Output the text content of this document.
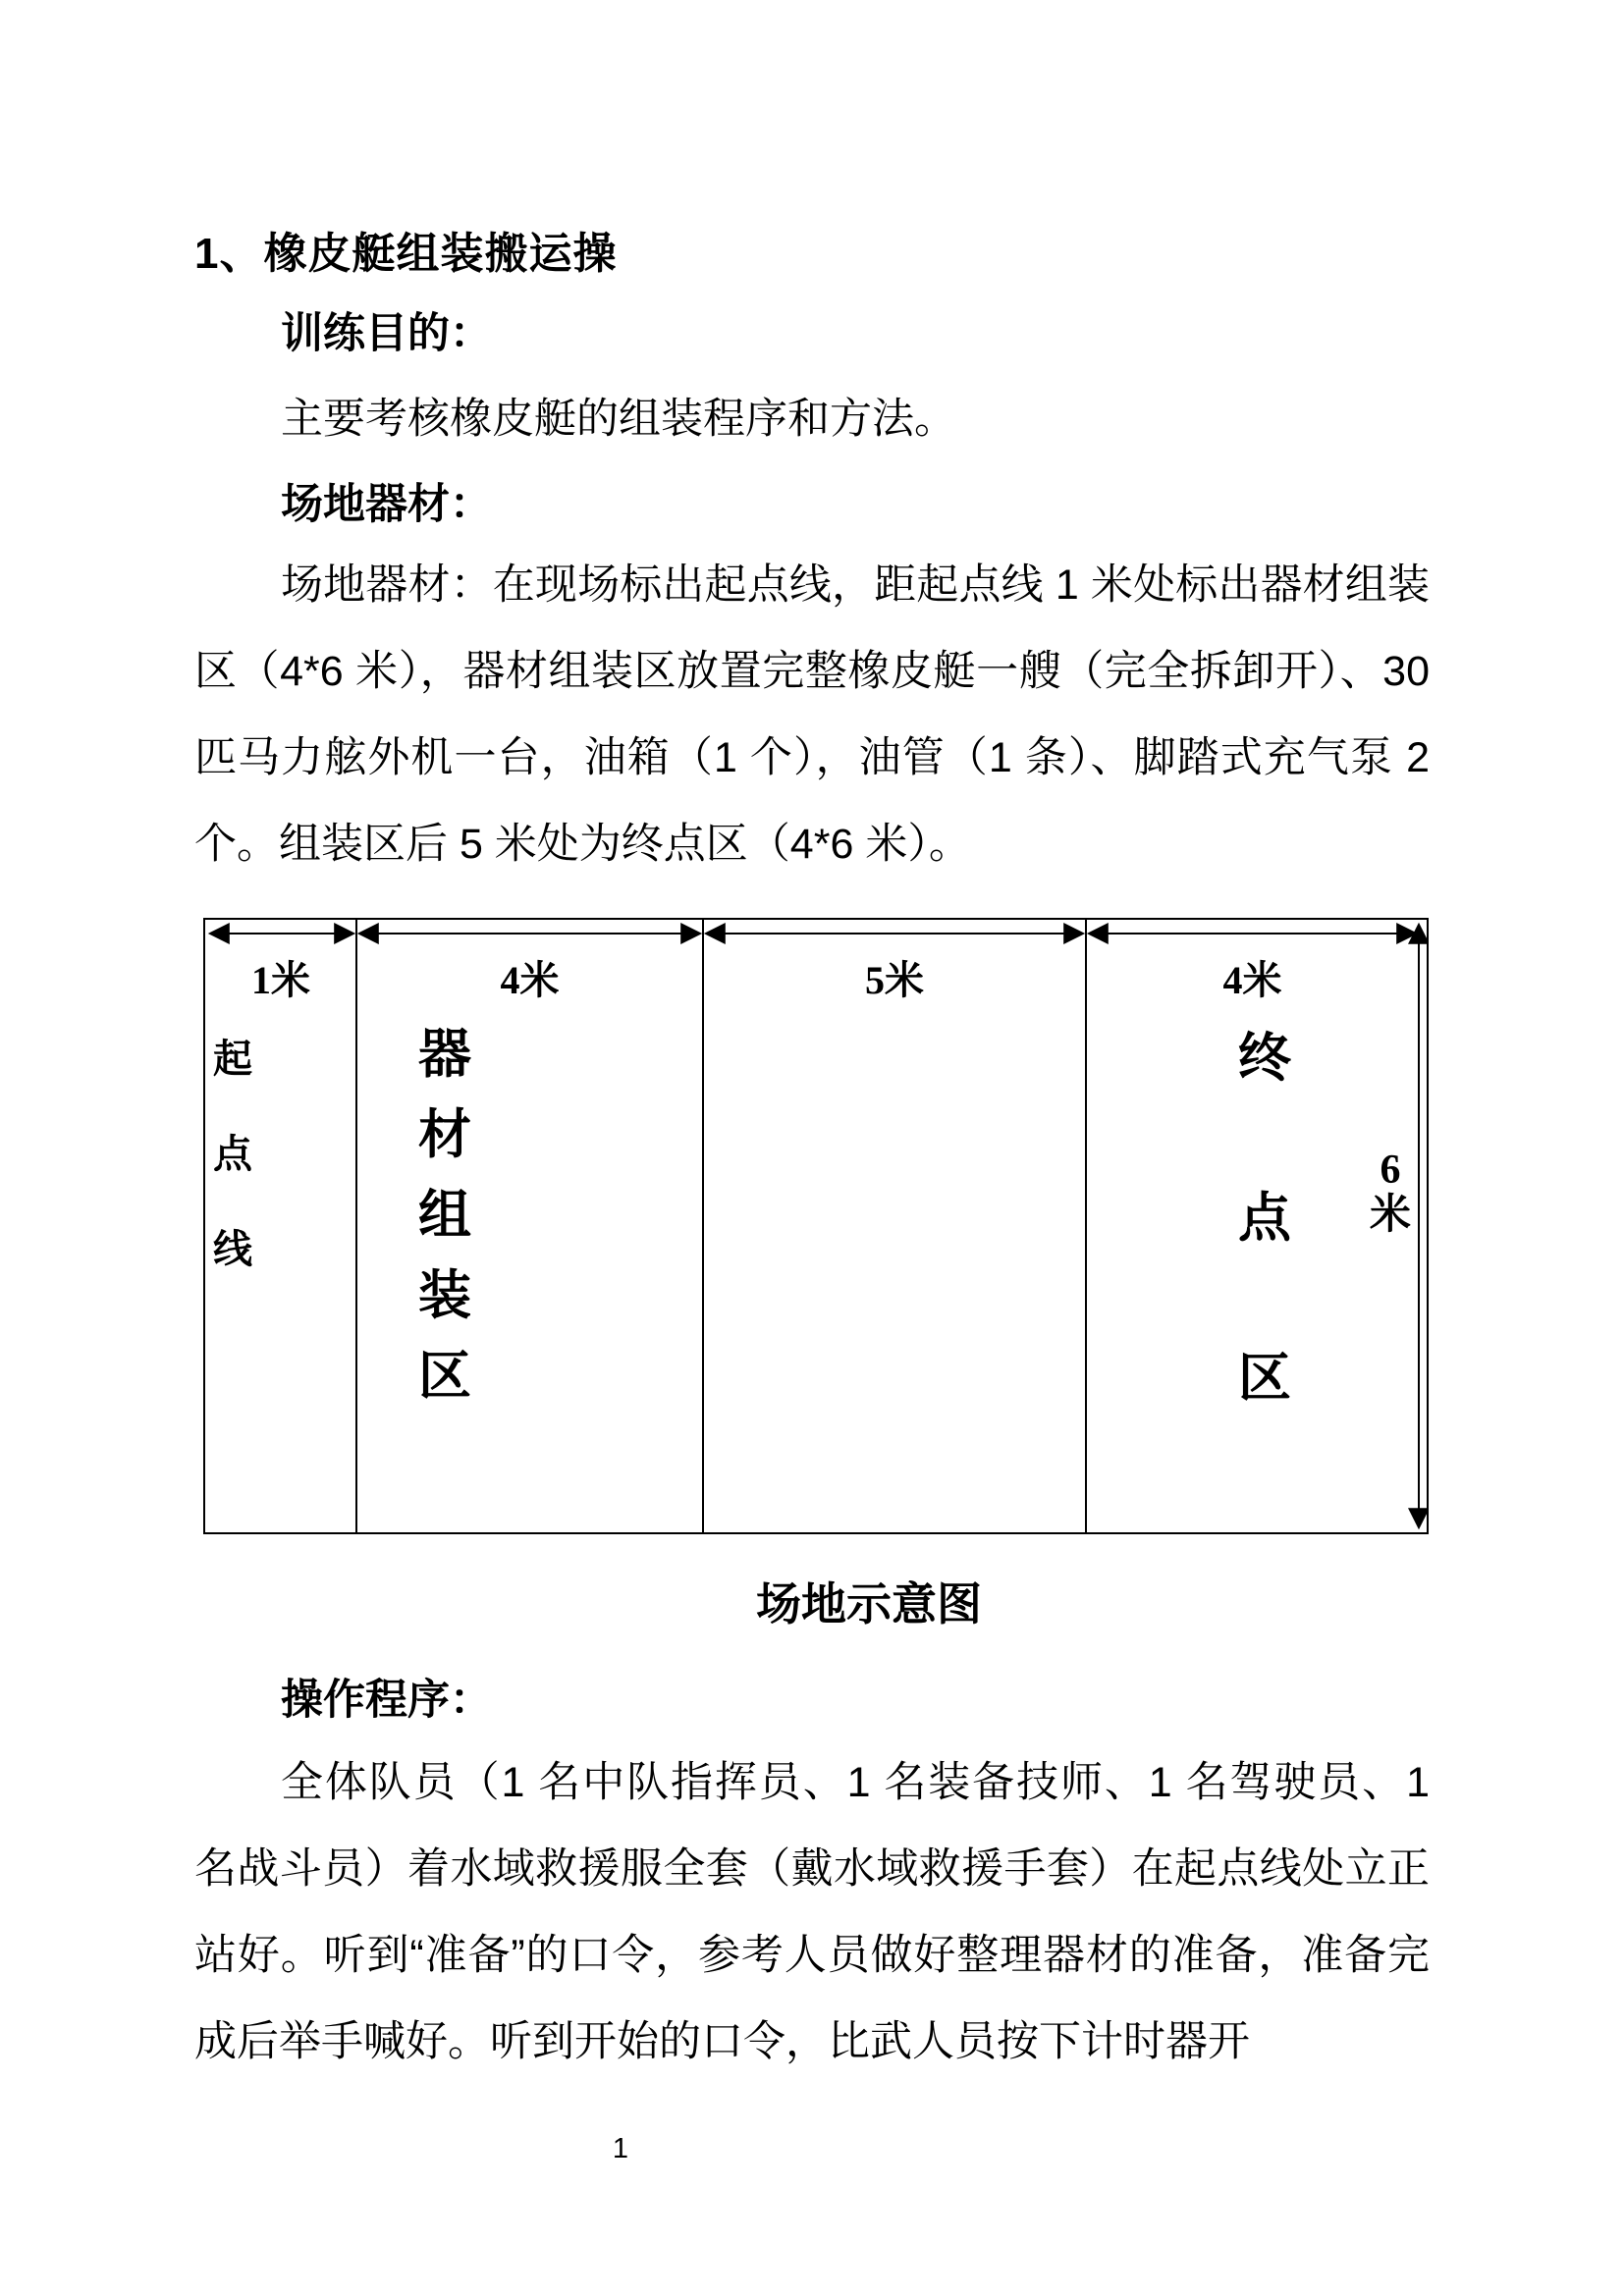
1、橡皮艇组装搬运操
训练目的：

主要考核橡皮艇的组装程序和方法。

场地器材：

场地器材：在现场标出起点线，距起点线 1 米处标出器材组装区（4*6 米），器材组装区放置完整橡皮艇一艘（完全拆卸开）、30 匹马力舷外机一台，油箱（1 个），油管（1 条）、脚踏式充气泵 2 个。组装区后 5 米处为终点区（4*6 米）。

1米	4米	5米	4米
起点线
器材组装区
终点区
6米
场地示意图
操作程序：

全体队员（1 名中队指挥员、1 名装备技师、1 名驾驶员、1 名战斗员）着水域救援服全套（戴水域救援手套）在起点线处立正站好。听到“准备”的口令，参考人员做好整理器材的准备，准备完成后举手喊好。听到开始的口令，比武人员按下计时器开

1
